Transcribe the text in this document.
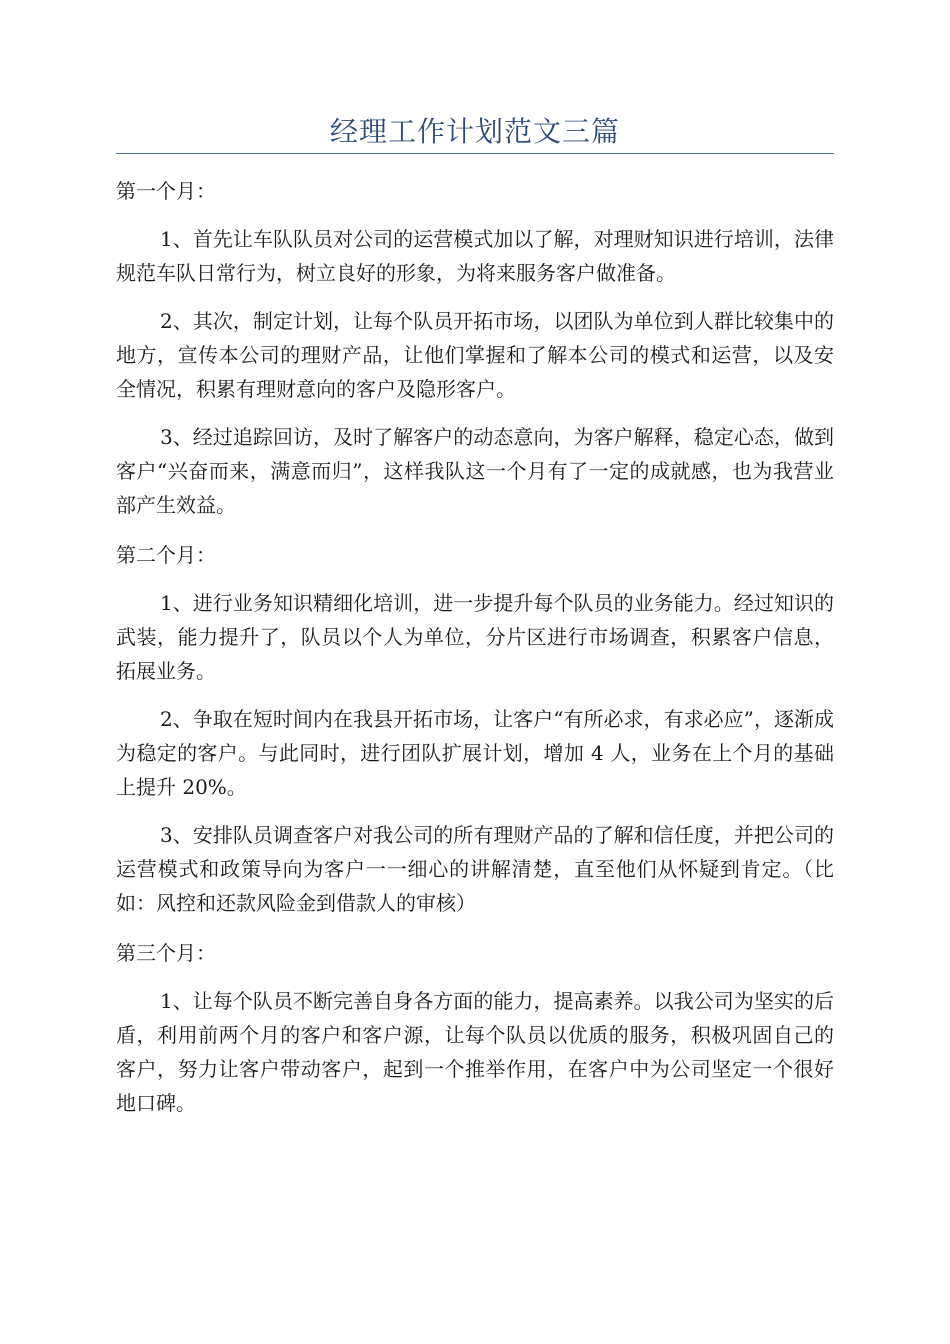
经理工作计划范文三篇
第一个月：

1、首先让车队队员对公司的运营模式加以了解，对理财知识进行培训，法律规范车队日常行为，树立良好的形象，为将来服务客户做准备。

2、其次，制定计划，让每个队员开拓市场，以团队为单位到人群比较集中的地方，宣传本公司的理财产品，让他们掌握和了解本公司的模式和运营，以及安全情况，积累有理财意向的客户及隐形客户。

3、经过追踪回访，及时了解客户的动态意向，为客户解释，稳定心态，做到客户“兴奋而来，满意而归”，这样我队这一个月有了一定的成就感，也为我营业部产生效益。

第二个月：

1、进行业务知识精细化培训，进一步提升每个队员的业务能力。经过知识的武装，能力提升了，队员以个人为单位，分片区进行市场调查，积累客户信息，拓展业务。

2、争取在短时间内在我县开拓市场，让客户“有所必求，有求必应”，逐渐成为稳定的客户。与此同时，进行团队扩展计划，增加 4 人，业务在上个月的基础上提升 20%。

3、安排队员调查客户对我公司的所有理财产品的了解和信任度，并把公司的运营模式和政策导向为客户一一细心的讲解清楚，直至他们从怀疑到肯定。（比如：风控和还款风险金到借款人的审核）

第三个月：

1、让每个队员不断完善自身各方面的能力，提高素养。以我公司为坚实的后盾，利用前两个月的客户和客户源，让每个队员以优质的服务，积极巩固自己的客户，努力让客户带动客户，起到一个推举作用，在客户中为公司坚定一个很好地口碑。
